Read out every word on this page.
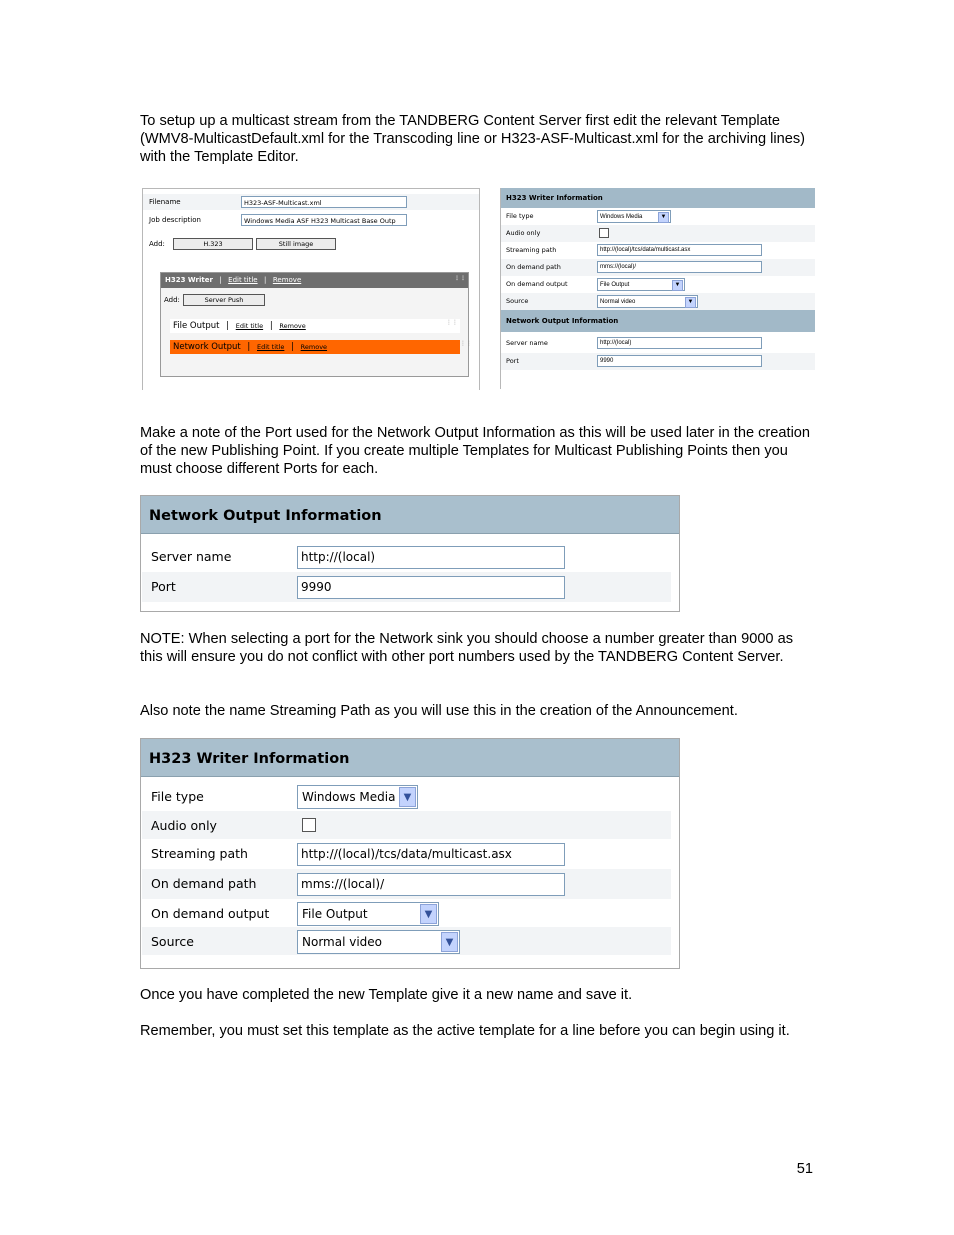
To setup up a multicast stream from the TANDBERG Content Server first edit the relevant Template (WMV8-MulticastDefault.xml for the Transcoding line or H323-ASF-Multicast.xml for the archiving lines) with the Template Editor.

Filename	H323-ASF-Multicast.xml
Job description	Windows Media ASF H323 Multicast Base Outp
Add:	H.323	Still image
H323 Writer | Edit title | Remove	⋮⋮
Add:	Server Push
File Output | Edit title | Remove	⋮⋮
Network Output | Edit title | Remove	⋮⋮
H323 Writer Information
File type	Windows Media	▼
Audio only
Streaming path	http://(local)/tcs/data/multicast.asx
On demand path	mms://(local)/
On demand output	File Output	▼
Source	Normal video	▼
Network Output Information
Server name	http://(local)
Port	9990

Make a note of the Port used for the Network Output Information as this will be used later in the creation of the new Publishing Point. If you create multiple Templates for Multicast Publishing Points then you must choose different Ports for each.

Network Output Information
Server name	http://(local)
Port	9990

NOTE: When selecting a port for the Network sink you should choose a number greater than 9000 as this will ensure you do not conflict with other port numbers used by the TANDBERG Content Server.

Also note the name Streaming Path as you will use this in the creation of the Announcement.

H323 Writer Information
File type	Windows Media ▼
Audio only
Streaming path	http://(local)/tcs/data/multicast.asx
On demand path	mms://(local)/
On demand output	File Output	▼
Source	Normal video	▼

Once you have completed the new Template give it a new name and save it.

Remember, you must set this template as the active template for a line before you can begin using it.

51
